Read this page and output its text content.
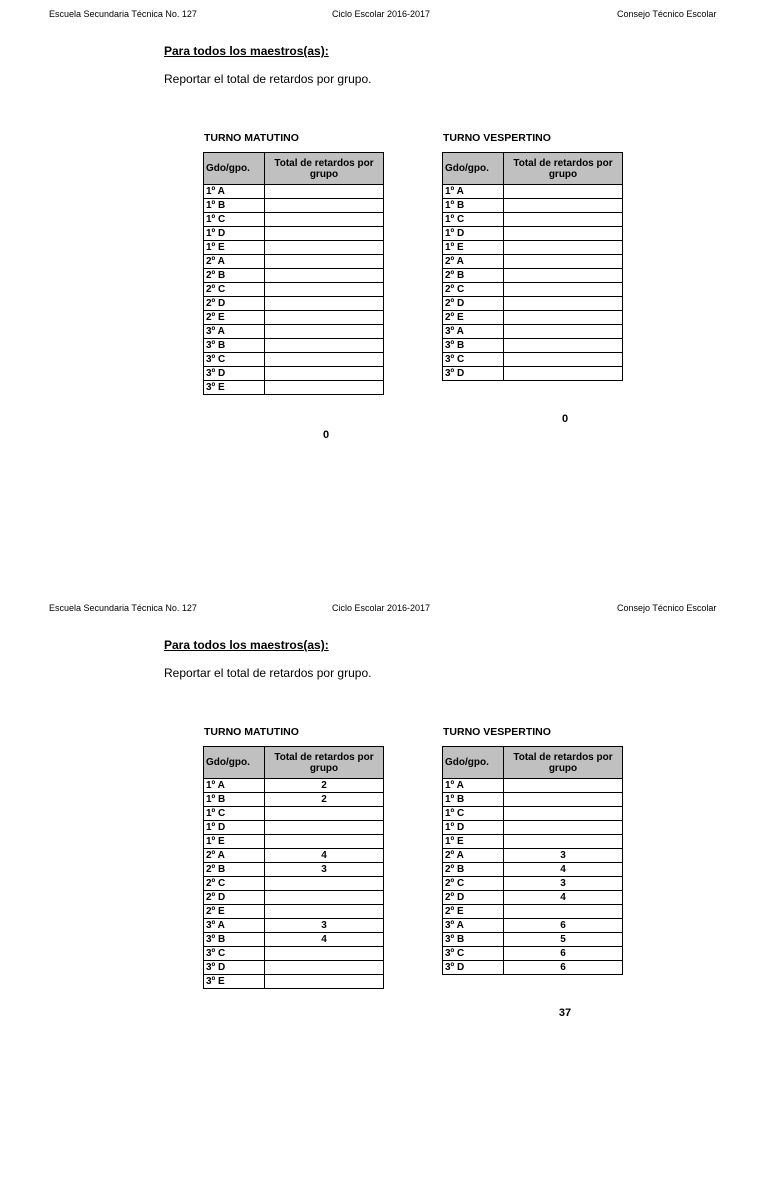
Escuela Secundaria Técnica No. 127	Ciclo Escolar 2016-2017	Consejo Técnico Escolar
Para todos los maestros(as):
Reportar el total de retardos por grupo.
TURNO MATUTINO
Gdo/gpo.	Total de retardos por grupo
1º A	
1º B	
1º C	
1º D	
1º E	
2º A	
2º B	
2º C	
2º D	
2º E	
3º A	
3º B	
3º C	
3º D	
3º E	
0
TURNO VESPERTINO
Gdo/gpo.	Total de retardos por grupo
1º A	
1º B	
1º C	
1º D	
1º E	
2º A	
2º B	
2º C	
2º D	
2º E	
3º A	
3º B	
3º C	
3º D	
0
Escuela Secundaria Técnica No. 127	Ciclo Escolar 2016-2017	Consejo Técnico Escolar
Para todos los maestros(as):
Reportar el total de retardos por grupo.
TURNO MATUTINO
Gdo/gpo.	Total de retardos por grupo
1º A	2
1º B	2
1º C	
1º D	
1º E	
2º A	4
2º B	3
2º C	
2º D	
2º E	
3º A	3
3º B	4
3º C	
3º D	
3º E	
TURNO VESPERTINO
Gdo/gpo.	Total de retardos por grupo
1º A	
1º B	
1º C	
1º D	
1º E	
2º A	3
2º B	4
2º C	3
2º D	4
2º E	
3º A	6
3º B	5
3º C	6
3º D	6
37
